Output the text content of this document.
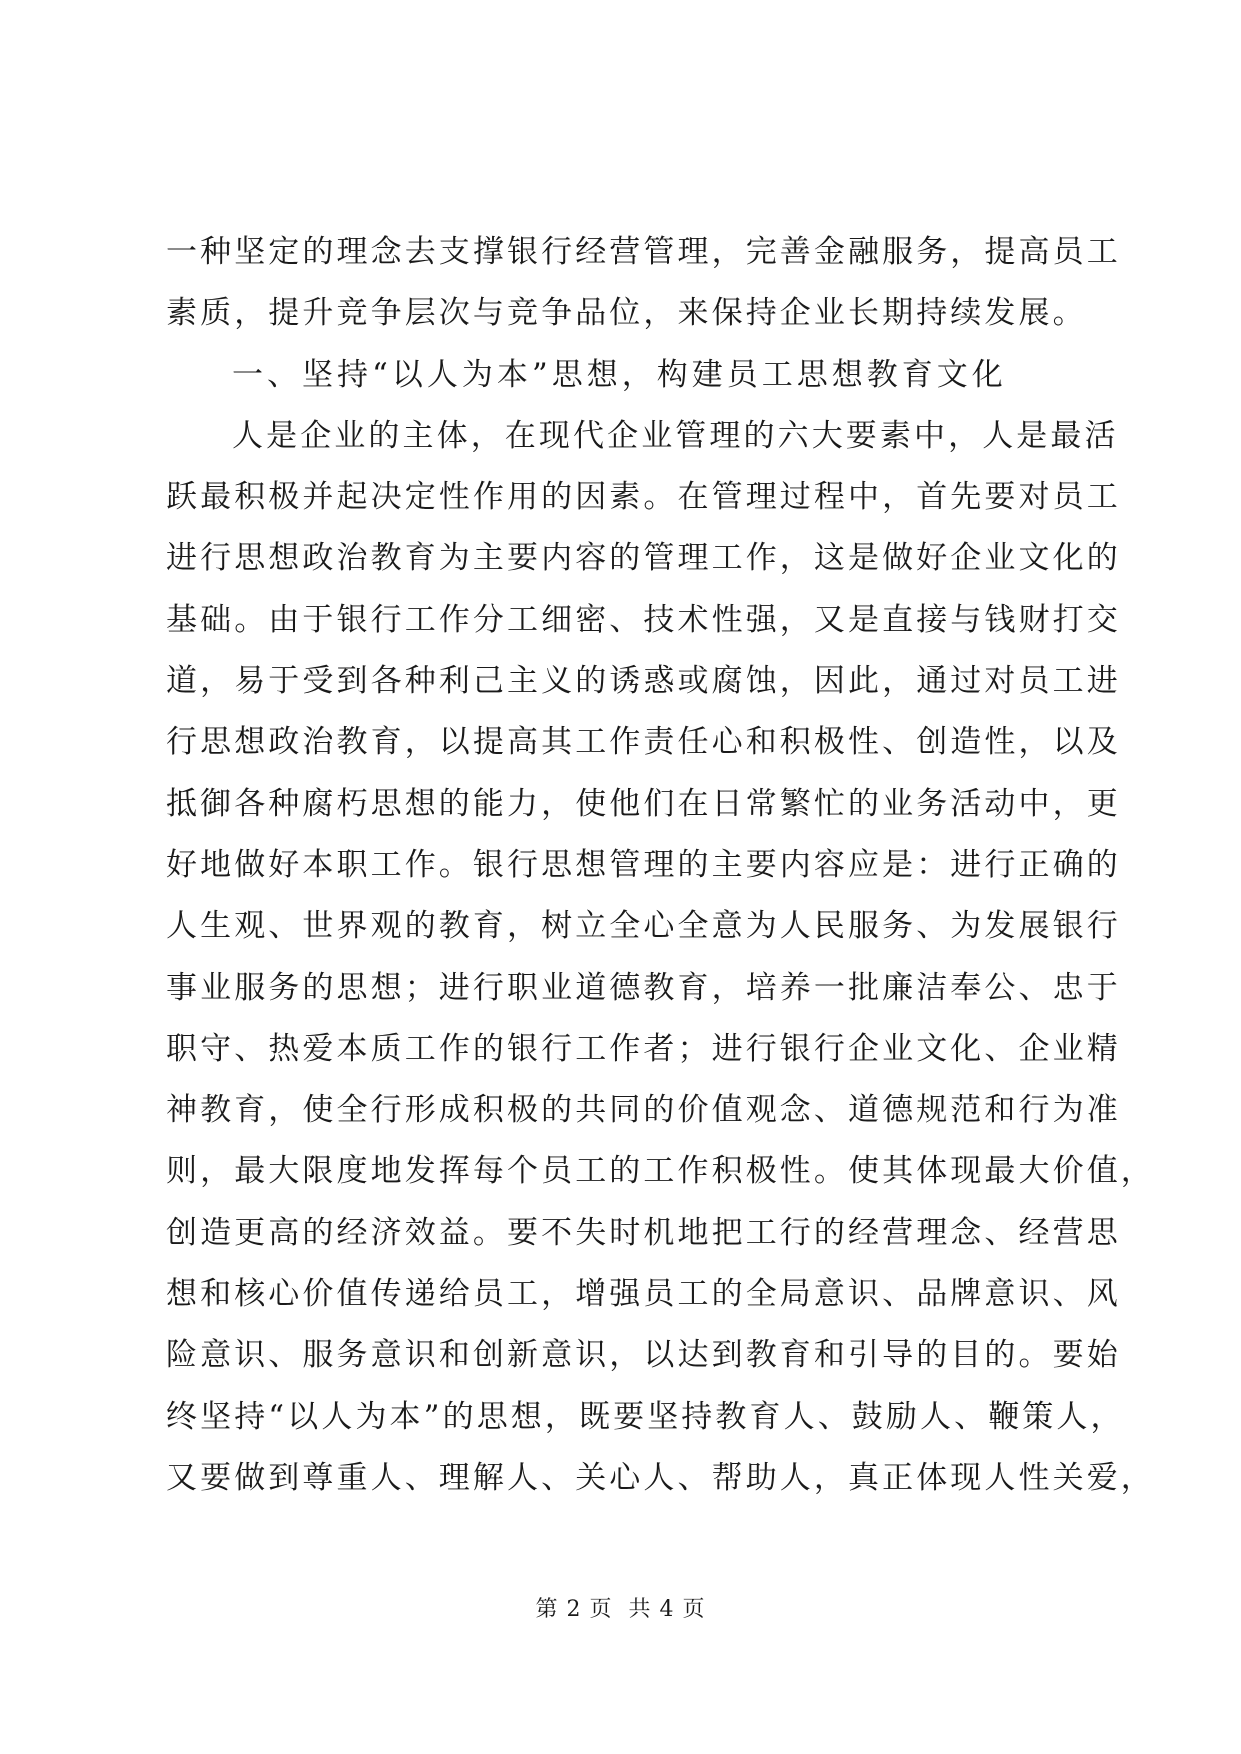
一种坚定的理念去支撑银行经营管理，完善金融服务，提高员工
素质，提升竞争层次与竞争品位，来保持企业长期持续发展。
一、坚持“以人为本”思想，构建员工思想教育文化
人是企业的主体，在现代企业管理的六大要素中，人是最活
跃最积极并起决定性作用的因素。在管理过程中，首先要对员工
进行思想政治教育为主要内容的管理工作，这是做好企业文化的
基础。由于银行工作分工细密、技术性强，又是直接与钱财打交
道，易于受到各种利己主义的诱惑或腐蚀，因此，通过对员工进
行思想政治教育，以提高其工作责任心和积极性、创造性，以及
抵御各种腐朽思想的能力，使他们在日常繁忙的业务活动中，更
好地做好本职工作。银行思想管理的主要内容应是：进行正确的
人生观、世界观的教育，树立全心全意为人民服务、为发展银行
事业服务的思想；进行职业道德教育，培养一批廉洁奉公、忠于
职守、热爱本质工作的银行工作者；进行银行企业文化、企业精
神教育，使全行形成积极的共同的价值观念、道德规范和行为准
则，最大限度地发挥每个员工的工作积极性。使其体现最大价值，
创造更高的经济效益。要不失时机地把工行的经营理念、经营思
想和核心价值传递给员工，增强员工的全局意识、品牌意识、风
险意识、服务意识和创新意识，以达到教育和引导的目的。要始
终坚持“以人为本”的思想，既要坚持教育人、鼓励人、鞭策人，
又要做到尊重人、理解人、关心人、帮助人，真正体现人性关爱，
第 2 页 共 4 页
